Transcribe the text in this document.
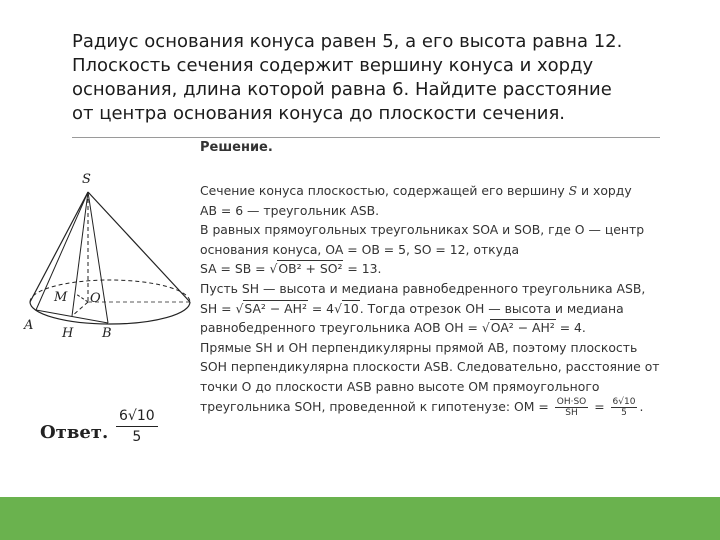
Радиус основания конуса равен 5, а его высота равна 12.
Плоскость сечения содержит вершину конуса и хорду
основания, длина которой равна 6. Найдите расстояние
от центра основания конуса до плоскости сечения.
S
M O
A
H B
Решение.
Сечение конуса плоскостью, содержащей его вершину S и хорду
AB = 6 — треугольник ASB.
В равных прямоугольных треугольниках SOA и SOB, где O — центр
основания конуса, OA = OB = 5, SO = 12, откуда
SA = SB = √OB² + SO² = 13.
Пусть SH — высота и медиана равнобедренного треугольника ASB,
SH = √SA² − AH² = 4√10. Тогда отрезок OH — высота и медиана
равнобедренного треугольника AOB OH = √OA² − AH² = 4.
Прямые SH и OH перпендикулярны прямой AB, поэтому плоскость
SOH перпендикулярна плоскости ASB. Следовательно, расстояние от
точки O до плоскости ASB равно высоте OM прямоугольного
треугольника SOH, проведенной к гипотенузе: OM = $\frac{OH\cdot SO}{SH} = \frac{6√10}{5}$ .
Ответ. $\frac{6√10}{5}$
